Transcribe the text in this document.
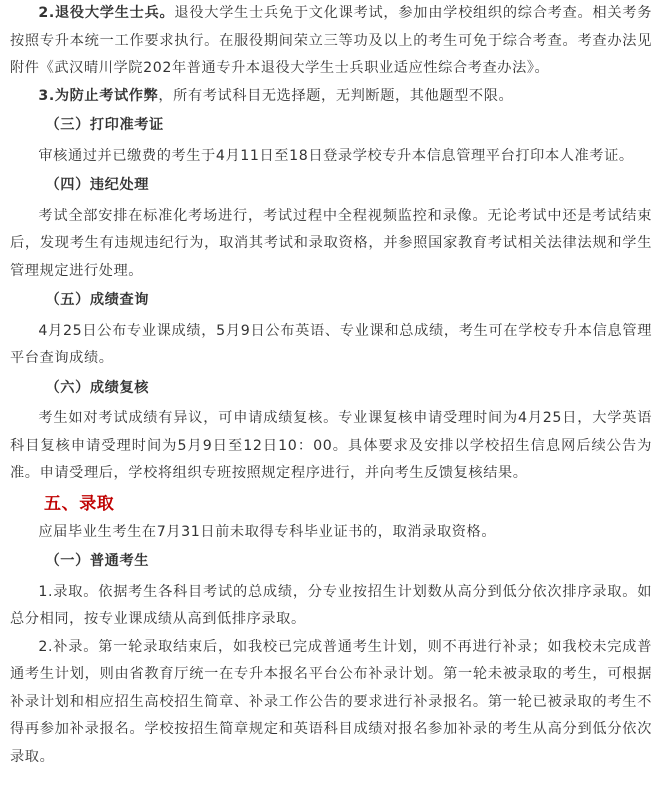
2.退役大学生士兵。退役大学生士兵免于文化课考试，参加由学校组织的综合考查。相关考务按照专升本统一工作要求执行。在服役期间荣立三等功及以上的考生可免于综合考查。考查办法见附件《武汉晴川学院202年普通专升本退役大学生士兵职业适应性综合考查办法》。

3.为防止考试作弊，所有考试科目无选择题，无判断题，其他题型不限。

（三）打印准考证

审核通过并已缴费的考生于4月11日至18日登录学校专升本信息管理平台打印本人准考证。

（四）违纪处理

考试全部安排在标准化考场进行，考试过程中全程视频监控和录像。无论考试中还是考试结束后，发现考生有违规违纪行为，取消其考试和录取资格，并参照国家教育考试相关法律法规和学生管理规定进行处理。

（五）成绩查询

4月25日公布专业课成绩，5月9日公布英语、专业课和总成绩，考生可在学校专升本信息管理平台查询成绩。

（六）成绩复核

考生如对考试成绩有异议，可申请成绩复核。专业课复核申请受理时间为4月25日，大学英语科目复核申请受理时间为5月9日至12日10：00。具体要求及安排以学校招生信息网后续公告为准。申请受理后，学校将组织专班按照规定程序进行，并向考生反馈复核结果。

五、录取

应届毕业生考生在7月31日前未取得专科毕业证书的，取消录取资格。

（一）普通考生

1.录取。依据考生各科目考试的总成绩，分专业按招生计划数从高分到低分依次排序录取。如总分相同，按专业课成绩从高到低排序录取。

2.补录。第一轮录取结束后，如我校已完成普通考生计划，则不再进行补录；如我校未完成普通考生计划，则由省教育厅统一在专升本报名平台公布补录计划。第一轮未被录取的考生，可根据补录计划和相应招生高校招生简章、补录工作公告的要求进行补录报名。第一轮已被录取的考生不得再参加补录报名。学校按招生简章规定和英语科目成绩对报名参加补录的考生从高分到低分依次录取。
